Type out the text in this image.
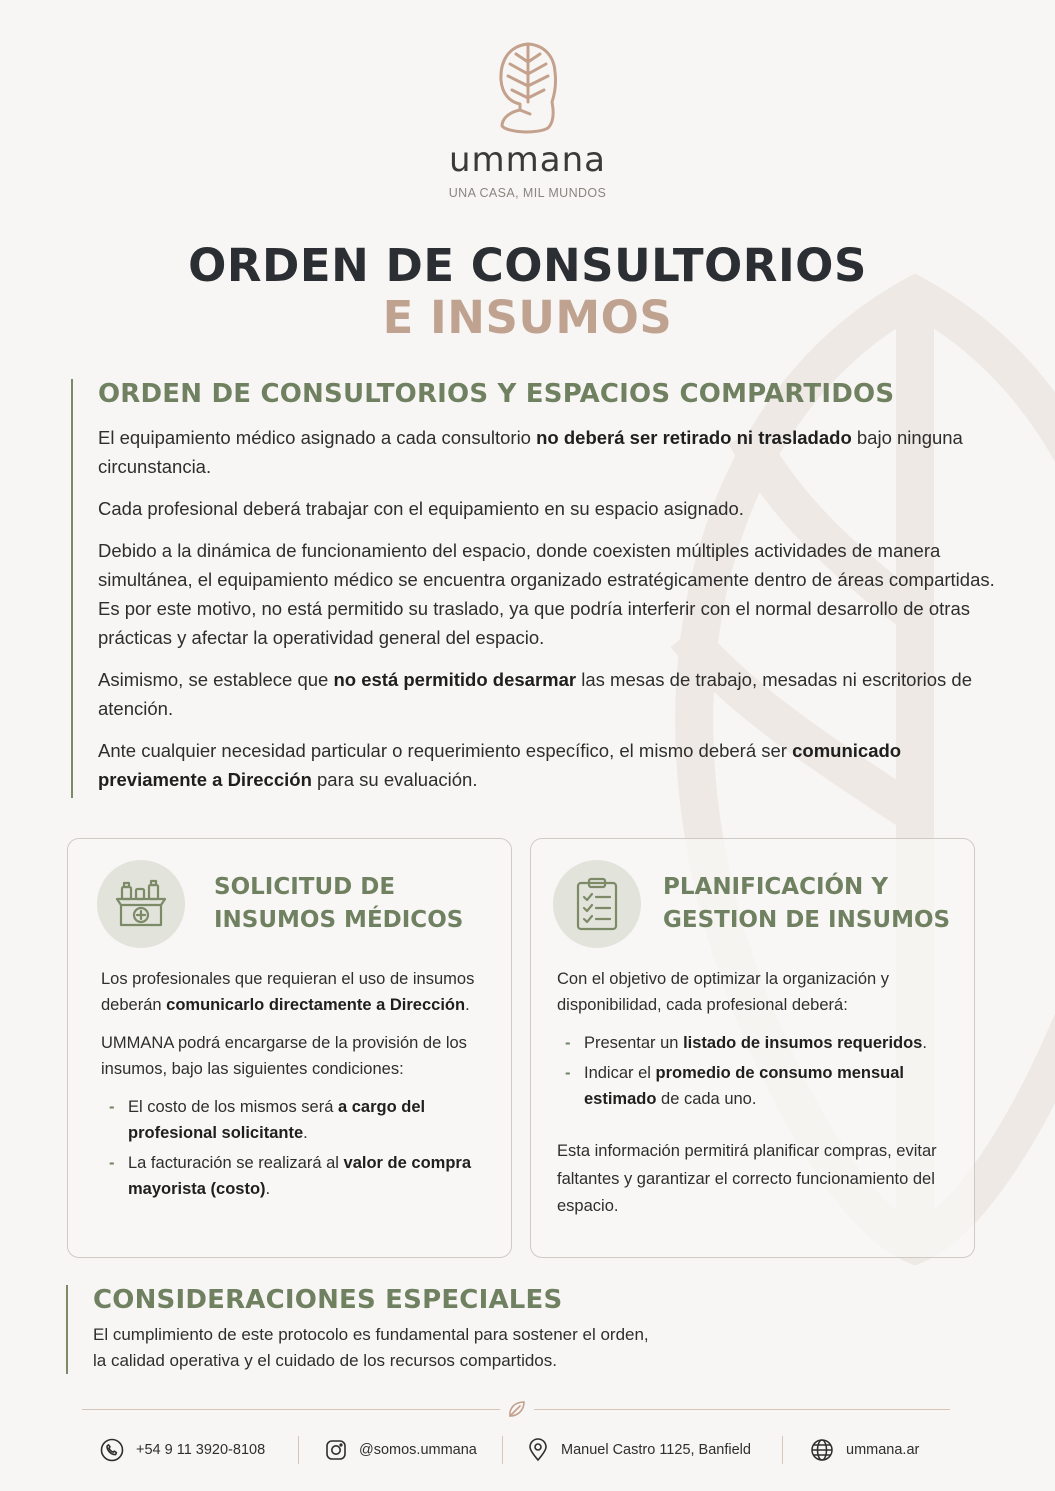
ummana
UNA CASA, MIL MUNDOS
ORDEN DE CONSULTORIOS
E INSUMOS
ORDEN DE CONSULTORIOS Y ESPACIOS COMPARTIDOS

El equipamiento médico asignado a cada consultorio no deberá ser retirado ni trasladado bajo ninguna circunstancia.

Cada profesional deberá trabajar con el equipamiento en su espacio asignado.

Debido a la dinámica de funcionamiento del espacio, donde coexisten múltiples actividades de manera simultánea, el equipamiento médico se encuentra organizado estratégicamente dentro de áreas compartidas. Es por este motivo, no está permitido su traslado, ya que podría interferir con el normal desarrollo de otras prácticas y afectar la operatividad general del espacio.

Asimismo, se establece que no está permitido desarmar las mesas de trabajo, mesadas ni escritorios de atención.

Ante cualquier necesidad particular o requerimiento específico, el mismo deberá ser comunicado previamente a Dirección para su evaluación.

SOLICITUD DE
INSUMOS MÉDICOS

Los profesionales que requieran el uso de insumos deberán comunicarlo directamente a Dirección.

UMMANA podrá encargarse de la provisión de los insumos, bajo las siguientes condiciones:

- El costo de los mismos será a cargo del profesional solicitante.
- La facturación se realizará al valor de compra mayorista (costo).
PLANIFICACIÓN Y
GESTION DE INSUMOS

Con el objetivo de optimizar la organización y disponibilidad, cada profesional deberá:

- Presentar un listado de insumos requeridos.
- Indicar el promedio de consumo mensual estimado de cada uno.

Esta información permitirá planificar compras, evitar faltantes y garantizar el correcto funcionamiento del espacio.

CONSIDERACIONES ESPECIALES
El cumplimiento de este protocolo es fundamental para sostener el orden,
la calidad operativa y el cuidado de los recursos compartidos.
+54 9 11 3920-8108	@somos.ummana	Manuel Castro 1125, Banfield	ummana.ar
